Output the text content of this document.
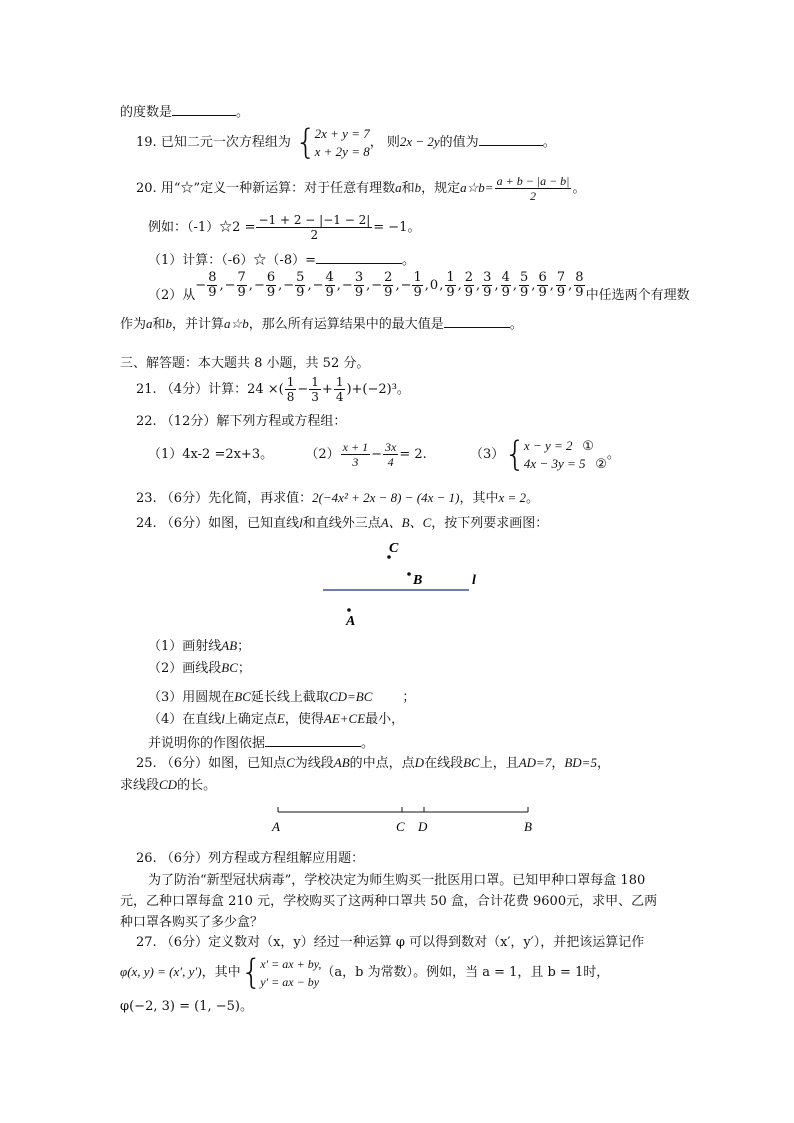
的度数是	。
19. 已知二元一次方程组为 {
2x + y = 7
x + 2y = 8
， 则2x − 2y的值为	。
20. 用“☆”定义一种新运算：对于任意有理数a和b，规定a☆b= $\frac{a + b - |a - b|}{2}$ 。
例如：（-1）☆2 = $\frac{-1 + 2 - |-1 - 2|}{2} = -1$。
（1）计算：（-6）☆（-8）=	。
（2）从− $\frac{8}{9}$ ,− $\frac{7}{9}$ ,− $\frac{6}{9}$ ,− $\frac{5}{9}$ ,− $\frac{4}{9}$ ,− $\frac{3}{9}$ ,− $\frac{2}{9}$ ,− $\frac{1}{9} ,0$, $\frac{1}{9}$ , $\frac{2}{9}$ , $\frac{3}{9}$ , $\frac{4}{9}$ , $\frac{5}{9}$ , $\frac{6}{9}$ , $\frac{7}{9}$ , $\frac{8}{9}$ 中任选两个有理数
作为a和b，并计算a☆b，那么所有运算结果中的最大值是	。
三、解答题：本大题共 8 小题，共 52 分。
21. （4分）计算：24 ×( $\frac{1}{8} - \frac{1}{3} + \frac{1}{4} )+(-2)^3$。
22. （12分）解下列方程或方程组：
（1）4x-2 =2x+3。 $(2) \frac{x + 1}{3} - \frac{3x}{4} = 2$.	（3）{
x − y = 2 ①
4x − 3y = 5 ②
。
23. （6分）先化简，再求值：2(−4x² + 2x − 8) − (4x − 1)，其中x = 2。
24. （6分）如图，已知直线l和直线外三点A、B、C，按下列要求画图：
C
B	l
A
（1）画射线AB；
（2）画线段BC；
（3）用圆规在BC延长线上截取CD=BC ；
（4）在直线l上确定点E，使得AE+CE最小，
并说明你的作图依据	。
25. （6分）如图，已知点C为线段AB的中点，点D在线段BC上，且AD=7，BD=5，
求线段CD的长。
A	C D	B
26. （6分）列方程或方程组解应用题：
为了防治“新型冠状病毒”，学校决定为师生购买一批医用口罩。已知甲种口罩每盒 180
元，乙种口罩每盒 210 元，学校购买了这两种口罩共 50 盒，合计花费 9600元，求甲、乙两
种口罩各购买了多少盒？
27. （6分）定义数对（x，y）经过一种运算 φ 可以得到数对（x′，y′），并把该运算记作
φ(x, y) = (x′, y′)，其中{
x′ = ax + by,
y′ = ax − by
（a，b 为常数）。例如，当 a = 1，且 b = 1时，
φ(−2, 3) = (1, −5)。
